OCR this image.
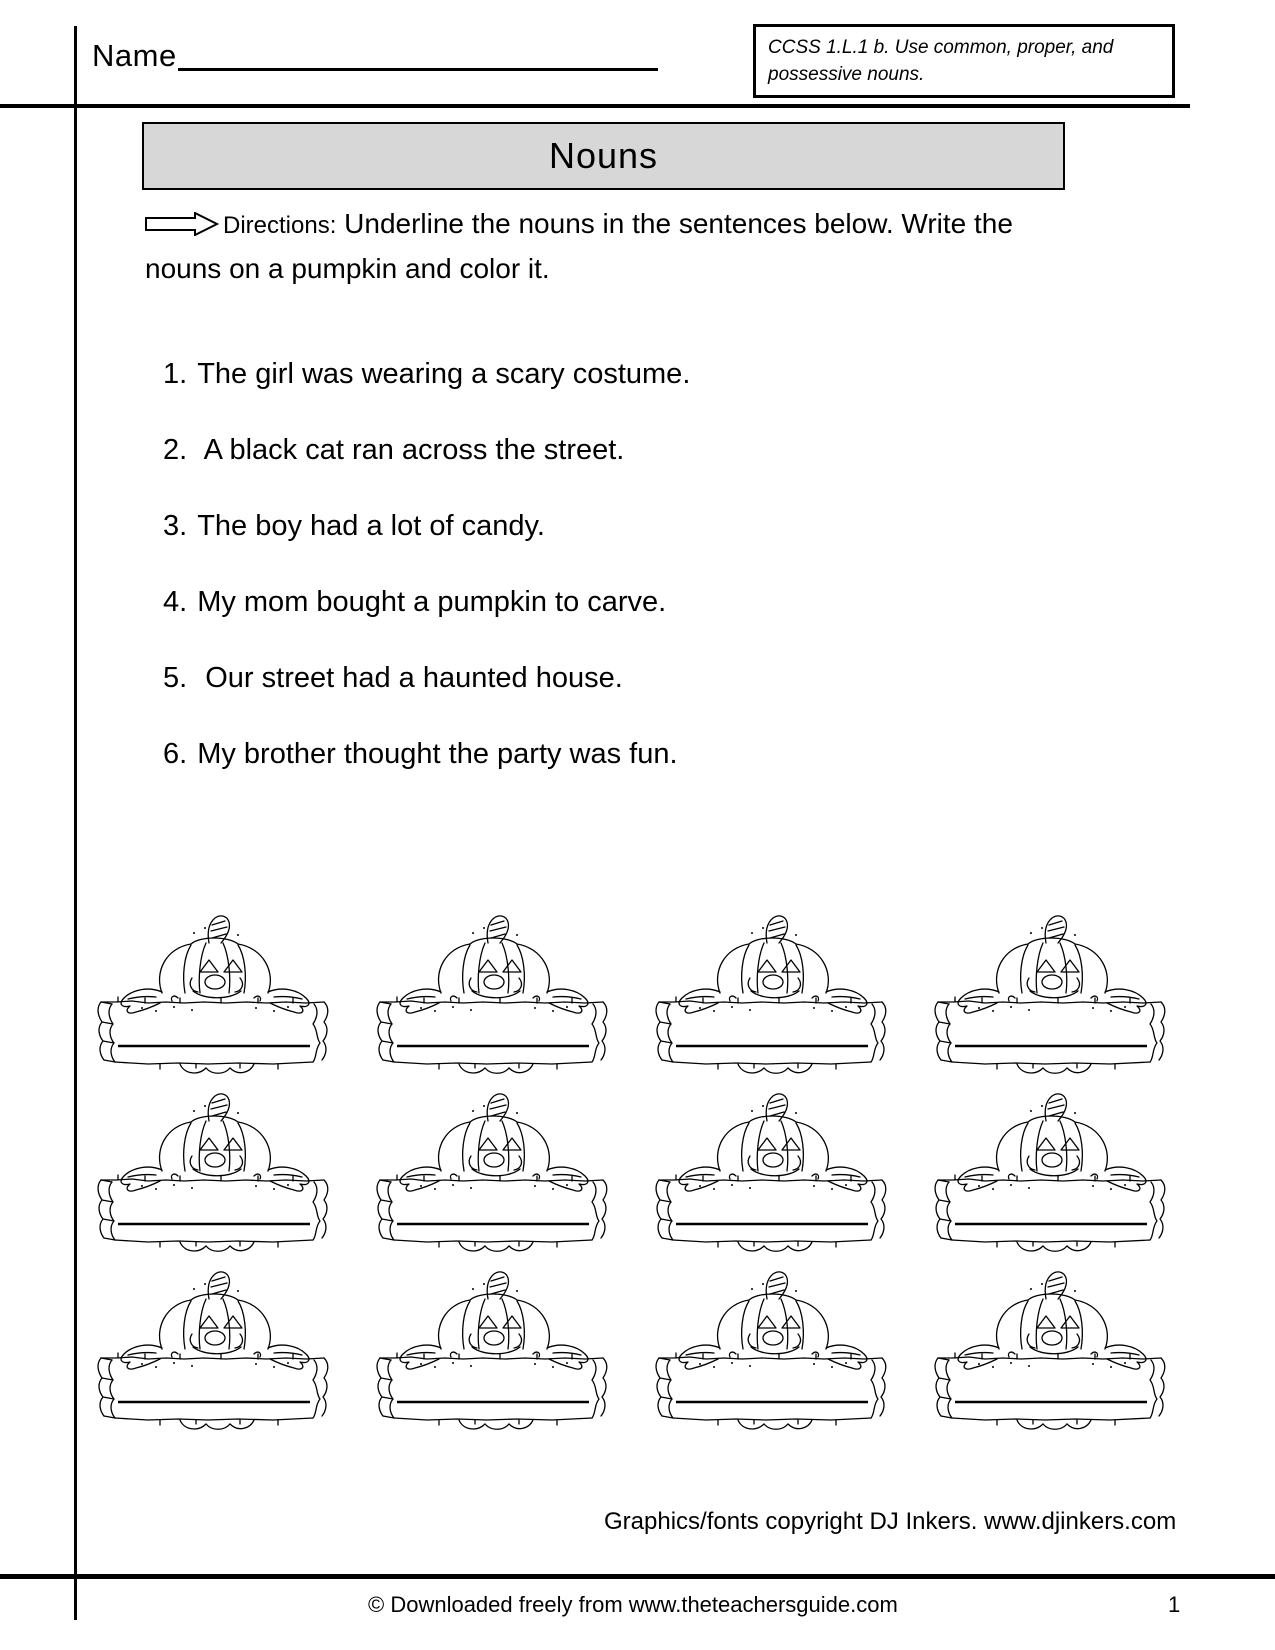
Name	CCSS 1.L.1 b. Use common, proper, and possessive nouns.
Nouns
Directions: Underline the nouns in the sentences below. Write the nouns on a pumpkin and color it.
1. The girl was wearing a scary costume.
2. A black cat ran across the street.
3. The boy had a lot of candy.
4. My mom bought a pumpkin to carve.
5. Our street had a haunted house.
6. My brother thought the party was fun.
Graphics/fonts copyright DJ Inkers. www.djinkers.com
© Downloaded freely from www.theteachersguide.com	1
